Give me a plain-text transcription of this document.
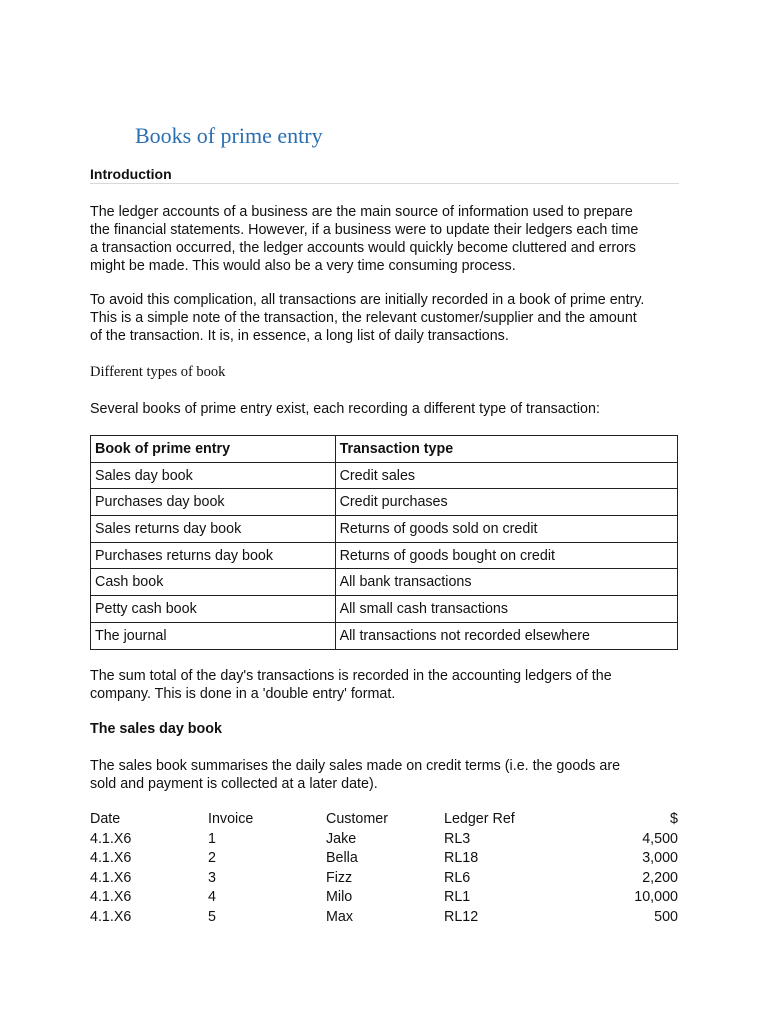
Books of prime entry
Introduction

The ledger accounts of a business are the main source of information used to prepare
the financial statements. However, if a business were to update their ledgers each time
a transaction occurred, the ledger accounts would quickly become cluttered and errors
might be made. This would also be a very time consuming process.

To avoid this complication, all transactions are initially recorded in a book of prime entry.
This is a simple note of the transaction, the relevant customer/supplier and the amount
of the transaction. It is, in essence, a long list of daily transactions.

Different types of book

Several books of prime entry exist, each recording a different type of transaction:

Book of prime entry	Transaction type
Sales day book	Credit sales
Purchases day book	Credit purchases
Sales returns day book	Returns of goods sold on credit
Purchases returns day book	Returns of goods bought on credit
Cash book	All bank transactions
Petty cash book	All small cash transactions
The journal	All transactions not recorded elsewhere

The sum total of the day's transactions is recorded in the accounting ledgers of the
company. This is done in a 'double entry' format.

The sales day book

The sales book summarises the daily sales made on credit terms (i.e. the goods are
sold and payment is collected at a later date).

Date	Invoice	Customer	Ledger Ref	$
4.1.X6	1	Jake	RL3	4,500
4.1.X6	2	Bella	RL18	3,000
4.1.X6	3	Fizz	RL6	2,200
4.1.X6	4	Milo	RL1	10,000
4.1.X6	5	Max	RL12	500
